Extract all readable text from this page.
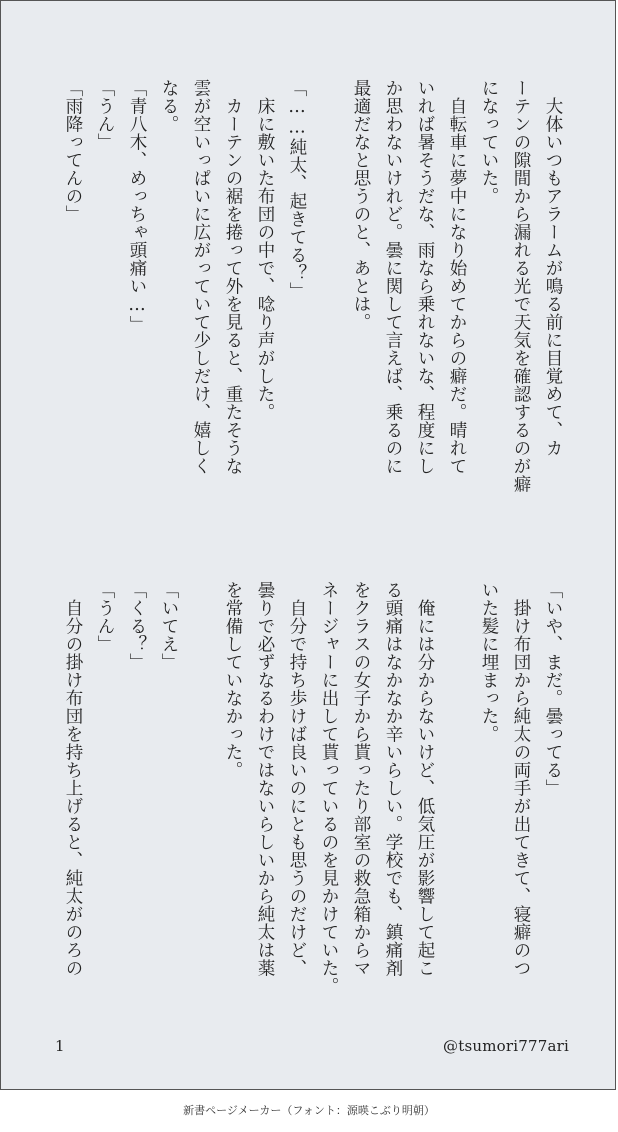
大体いつもアラームが鳴る前に目覚めて、カ

ーテンの隙間から漏れる光で天気を確認するのが癖

になっていた。

自転車に夢中になり始めてからの癖だ。晴れて

いれば暑そうだな、雨なら乗れないな、程度にし

か思わないけれど。曇に関して言えば、乗るのに

最適だなと思うのと、あとは。

「……純太、起きてる？」

床に敷いた布団の中で、唸り声がした。

カーテンの裾を捲って外を見ると、重たそうな

雲が空いっぱいに広がっていて少しだけ、嬉しく

なる。

「青八木、めっちゃ頭痛い…」

「うん」

「雨降ってんの」

「いや、まだ。曇ってる」

掛け布団から純太の両手が出てきて、寝癖のつ

いた髪に埋まった。

俺には分からないけど、低気圧が影響して起こ

る頭痛はなかなか辛いらしい。学校でも、鎮痛剤

をクラスの女子から貰ったり部室の救急箱からマ

ネージャーに出して貰っているのを見かけていた。

自分で持ち歩けば良いのにとも思うのだけど、

曇りで必ずなるわけではないらしいから純太は薬

を常備していなかった。

「いてえ」

「くる？」

「うん」

自分の掛け布団を持ち上げると、純太がのろの

1	@tsumori777ari
新書ページメーカー（フォント：源暎こぶり明朝）
